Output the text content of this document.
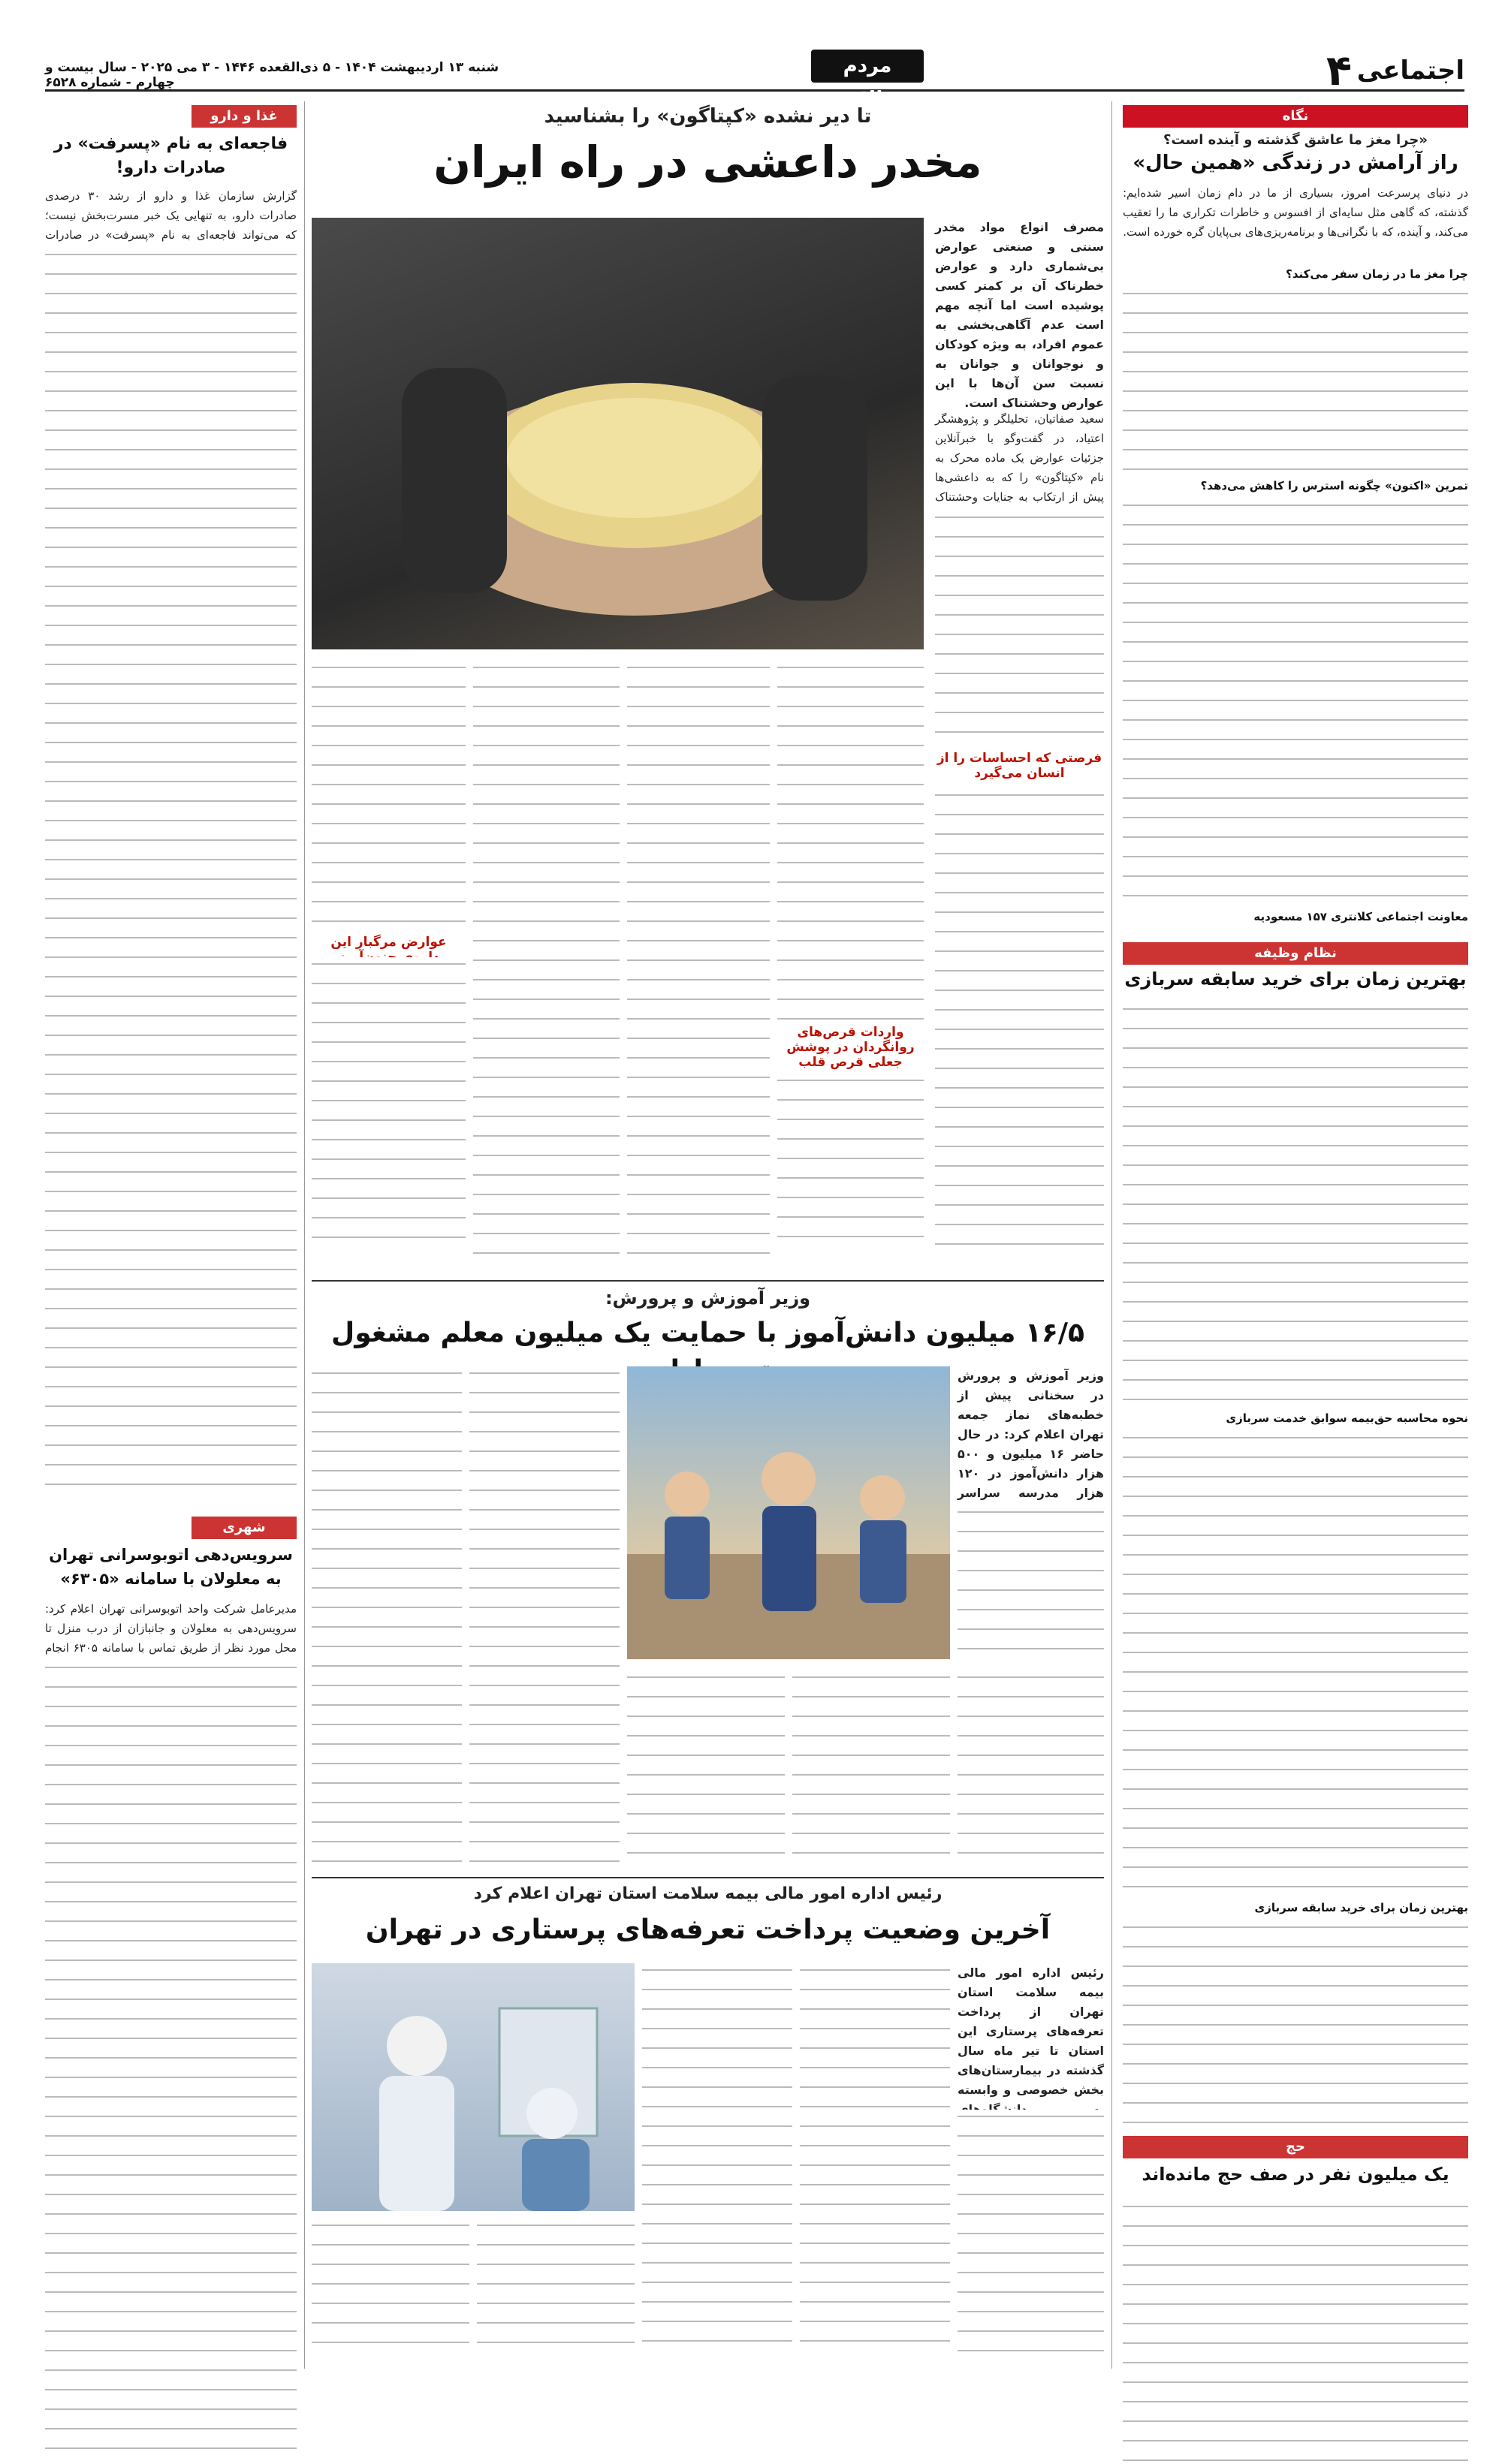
اجتماعی
۴
مردم سالاری
شنبه ۱۳ اردیبهشت ۱۴۰۴ - ۵ ذی‌القعده ۱۴۴۶ - ۳ می ۲۰۲۵ - سال بیست و چهارم - شماره ۶۵۲۸
نگاه
«چرا مغز ما عاشق گذشته و آینده است؟
راز آرامش در زندگی «همین حال»
در دنیای پرسرعت امروز، بسیاری از ما در دام زمان اسیر شده‌ایم: گذشته، که گاهی مثل سایه‌ای از افسوس و خاطرات تکراری ما را تعقیب می‌کند، و آینده، که با نگرانی‌ها و برنامه‌ریزی‌های بی‌پایان گره خورده است.
چرا مغز ما در زمان سفر می‌کند؟
تمرین «اکنون» چگونه استرس را کاهش می‌دهد؟
معاونت اجتماعی کلانتری ۱۵۷ مسعودیه
نظام وظیفه
بهترین زمان برای خرید سابقه سربازی
نحوه محاسبه حق‌بیمه سوابق خدمت سربازی
بهترین زمان برای خرید سابقه سربازی
حج
یک میلیون نفر در صف حج مانده‌اند
غذا و دارو
فاجعه‌ای به نام «پسرفت» در صادرات دارو!
گزارش سازمان غذا و دارو از رشد ۳۰ درصدی صادرات دارو، به تنهایی یک خبر مسرت‌بخش نیست؛ که می‌تواند فاجعه‌ای به نام «پسرفت» در صادرات
شهری
سرویس‌دهی اتوبوسرانی تهران به معلولان با سامانه «۶۳۰۵»
مدیرعامل شرکت واحد اتوبوسرانی تهران اعلام کرد: سرویس‌دهی به معلولان و جانبازان از درب منزل تا محل مورد نظر از طریق تماس با سامانه ۶۳۰۵ انجام
تا دیر نشده «کپتاگون» را بشناسید
مخدر داعشی در راه ایران
مصرف انواع مواد مخدر سنتی و صنعتی عوارض بی‌شماری دارد و عوارض خطرناک آن بر کمتر کسی پوشیده است اما آنچه مهم است عدم آگاهی‌بخشی به عموم افراد، به ویژه کودکان و نوجوانان و جوانان به نسبت سن آن‌ها با این عوارض وحشتناک است.
سعید صفاتیان، تحلیلگر و پژوهشگر اعتیاد، در گفت‌وگو با خبرآنلاین جزئیات عوارض یک ماده محرک به نام «کپتاگون» را که به داعشی‌ها پیش از ارتکاب به جنایات وحشتناک
فرصتی که احساسات را از انسان می‌گیرد
واردات قرص‌های روانگردان در پوشش جعلی قرص قلب
عوارض مرگبار این
وزیر آموزش و پرورش:
۱۶/۵ میلیون دانش‌آموز با حمایت یک میلیون معلم مشغول
وزیر آموزش و پرورش در سخنانی پیش از خطبه‌های نماز جمعه تهران اعلام کرد: در حال حاضر ۱۶ میلیون و ۵۰۰ هزار دانش‌آموز در ۱۲۰ هزار مدرسه سراسر
رئیس اداره امور مالی بیمه سلامت استان تهران اعلام کرد
آخرین وضعیت پرداخت تعرفه‌های پرستاری در تهران
رئیس اداره امور مالی بیمه سلامت استان تهران از پرداخت تعرفه‌های پرستاری این استان تا تیر ماه سال گذشته در بیمارستان‌های بخش خصوصی و وابسته
